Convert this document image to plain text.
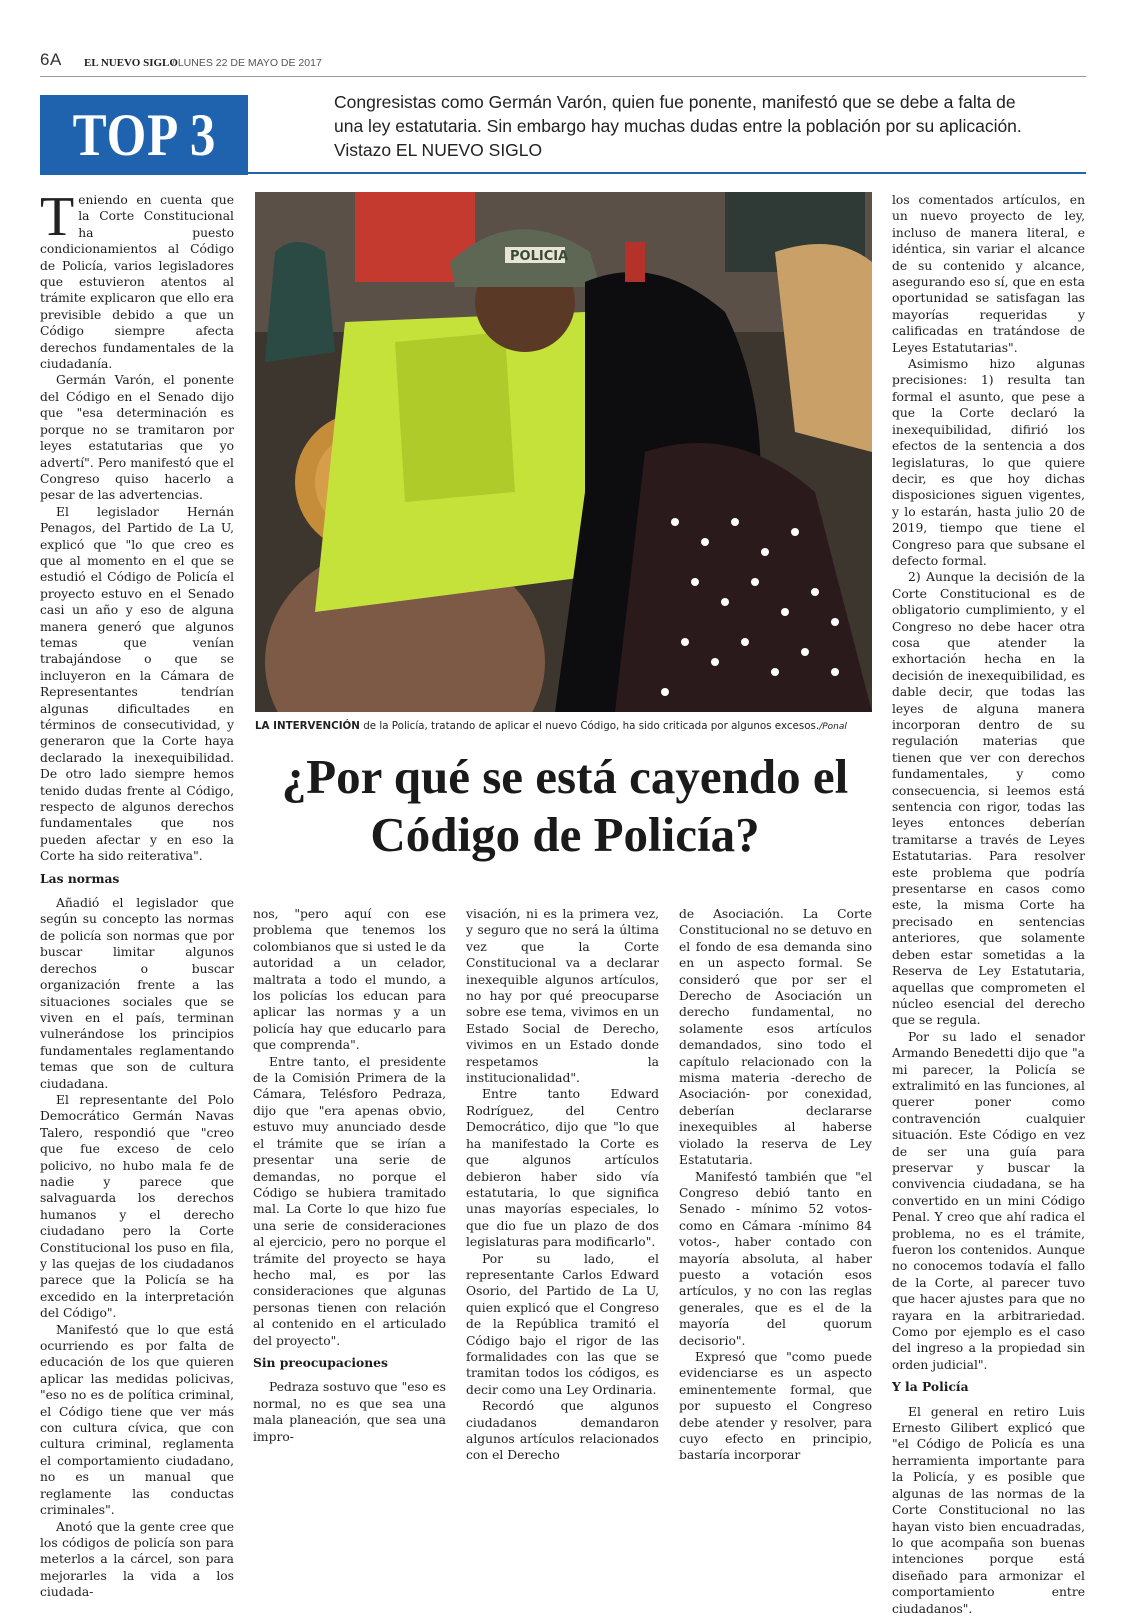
6A EL NUEVO SIGLO
/ LUNES 22 DE MAYO DE 2017
TOP 3	Congresistas como Germán Varón, quien fue ponente, manifestó que se debe a falta de una ley estatutaria. Sin embargo hay muchas dudas entre la población por su aplicación. Vistazo EL NUEVO SIGLO

Teniendo en cuenta que la Corte Constitucional ha puesto condicionamientos al Código de Policía, varios legisladores que estuvieron atentos al trámite explicaron que ello era previsible debido a que un Código siempre afecta derechos fundamentales de la ciudadanía.

Germán Varón, el ponente del Código en el Senado dijo que "esa determinación es porque no se tramitaron por leyes estatutarias que yo advertí". Pero manifestó que el Congreso quiso hacerlo a pesar de las advertencias.

El legislador Hernán Penagos, del Partido de La U, explicó que "lo que creo es que al momento en el que se estudió el Código de Policía el proyecto estuvo en el Senado casi un año y eso de alguna manera generó que algunos temas que venían trabajándose o que se incluyeron en la Cámara de Representantes tendrían algunas dificultades en términos de consecutividad, y generaron que la Corte haya declarado la inexequibilidad. De otro lado siempre hemos tenido dudas frente al Código, respecto de algunos derechos fundamentales que nos pueden afectar y en eso la Corte ha sido reiterativa".

Las normas

Añadió el legislador que según su concepto las normas de policía son normas que por buscar limitar algunos derechos o buscar organización frente a las situaciones sociales que se viven en el país, terminan vulnerándose los principios fundamentales reglamentando temas que son de cultura ciudadana.

El representante del Polo Democrático Germán Navas Talero, respondió que "creo que fue exceso de celo policivo, no hubo mala fe de nadie y parece que salvaguarda los derechos humanos y el derecho ciudadano pero la Corte Constitucional los puso en fila, y las quejas de los ciudadanos parece que la Policía se ha excedido en la interpretación del Código".

Manifestó que lo que está ocurriendo es por falta de educación de los que quieren aplicar las medidas policivas, "eso no es de política criminal, el Código tiene que ver más con cultura cívica, que con cultura criminal, reglamenta el comportamiento ciudadano, no es un manual que reglamente las conductas criminales".

Anotó que la gente cree que los códigos de policía son para meterlos a la cárcel, son para mejorarles la vida a los ciudada-

POLICIA
LA INTERVENCIÓN de la Policía, tratando de aplicar el nuevo Código, ha sido criticada por algunos excesos./Ponal
¿Por qué se está cayendo el Código de Policía?

nos, "pero aquí con ese problema que tenemos los colombianos que si usted le da autoridad a un celador, maltrata a todo el mundo, a los policías los educan para aplicar las normas y a un policía hay que educarlo para que comprenda".

Entre tanto, el presidente de la Comisión Primera de la Cámara, Telésforo Pedraza, dijo que "era apenas obvio, estuvo muy anunciado desde el trámite que se irían a presentar una serie de demandas, no porque el Código se hubiera tramitado mal. La Corte lo que hizo fue una serie de consideraciones al ejercicio, pero no porque el trámite del proyecto se haya hecho mal, es por las consideraciones que algunas personas tienen con relación al contenido en el articulado del proyecto".

Sin preocupaciones

Pedraza sostuvo que "eso es normal, no es que sea una mala planeación, que sea una impro-

visación, ni es la primera vez, y seguro que no será la última vez que la Corte Constitucional va a declarar inexequible algunos artículos, no hay por qué preocuparse sobre ese tema, vivimos en un Estado Social de Derecho, vivimos en un Estado donde respetamos la institucionalidad".

Entre tanto Edward Rodríguez, del Centro Democrático, dijo que "lo que ha manifestado la Corte es que algunos artículos debieron haber sido vía estatutaria, lo que significa unas mayorías especiales, lo que dio fue un plazo de dos legislaturas para modificarlo".

Por su lado, el representante Carlos Edward Osorio, del Partido de La U, quien explicó que el Congreso de la República tramitó el Código bajo el rigor de las formalidades con las que se tramitan todos los códigos, es decir como una Ley Ordinaria.

Recordó que algunos ciudadanos demandaron algunos artículos relacionados con el Derecho

de Asociación. La Corte Constitucional no se detuvo en el fondo de esa demanda sino en un aspecto formal. Se consideró que por ser el Derecho de Asociación un derecho fundamental, no solamente esos artículos demandados, sino todo el capítulo relacionado con la misma materia -derecho de Asociación- por conexidad, deberían declararse inexequibles al haberse violado la reserva de Ley Estatutaria.

Manifestó también que "el Congreso debió tanto en Senado - mínimo 52 votos- como en Cámara -mínimo 84 votos-, haber contado con mayoría absoluta, al haber puesto a votación esos artículos, y no con las reglas generales, que es el de la mayoría del quorum decisorio".

Expresó que "como puede evidenciarse es un aspecto eminentemente formal, que por supuesto el Congreso debe atender y resolver, para cuyo efecto en principio, bastaría incorporar

los comentados artículos, en un nuevo proyecto de ley, incluso de manera literal, e idéntica, sin variar el alcance de su contenido y alcance, asegurando eso sí, que en esta oportunidad se satisfagan las mayorías requeridas y calificadas en tratándose de Leyes Estatutarias".

Asimismo hizo algunas precisiones: 1) resulta tan formal el asunto, que pese a que la Corte declaró la inexequibilidad, difirió los efectos de la sentencia a dos legislaturas, lo que quiere decir, es que hoy dichas disposiciones siguen vigentes, y lo estarán, hasta julio 20 de 2019, tiempo que tiene el Congreso para que subsane el defecto formal.

2) Aunque la decisión de la Corte Constitucional es de obligatorio cumplimiento, y el Congreso no debe hacer otra cosa que atender la exhortación hecha en la decisión de inexequibilidad, es dable decir, que todas las leyes de alguna manera incorporan dentro de su regulación materias que tienen que ver con derechos fundamentales, y como consecuencia, si leemos está sentencia con rigor, todas las leyes entonces deberían tramitarse a través de Leyes Estatutarias. Para resolver este problema que podría presentarse en casos como este, la misma Corte ha precisado en sentencias anteriores, que solamente deben estar sometidas a la Reserva de Ley Estatutaria, aquellas que comprometen el núcleo esencial del derecho que se regula.

Por su lado el senador Armando Benedetti dijo que "a mi parecer, la Policía se extralimitó en las funciones, al querer poner como contravención cualquier situación. Este Código en vez de ser una guía para preservar y buscar la convivencia ciudadana, se ha convertido en un mini Código Penal. Y creo que ahí radica el problema, no es el trámite, fueron los contenidos. Aunque no conocemos todavía el fallo de la Corte, al parecer tuvo que hacer ajustes para que no rayara en la arbitrariedad. Como por ejemplo es el caso del ingreso a la propiedad sin orden judicial".

Y la Policía

El general en retiro Luis Ernesto Gilibert explicó que "el Código de Policía es una herramienta importante para la Policía, y es posible que algunas de las normas de la Corte Constitucional no las hayan visto bien encuadradas, lo que acompaña son buenas intenciones porque está diseñado para armonizar el comportamiento entre ciudadanos".
